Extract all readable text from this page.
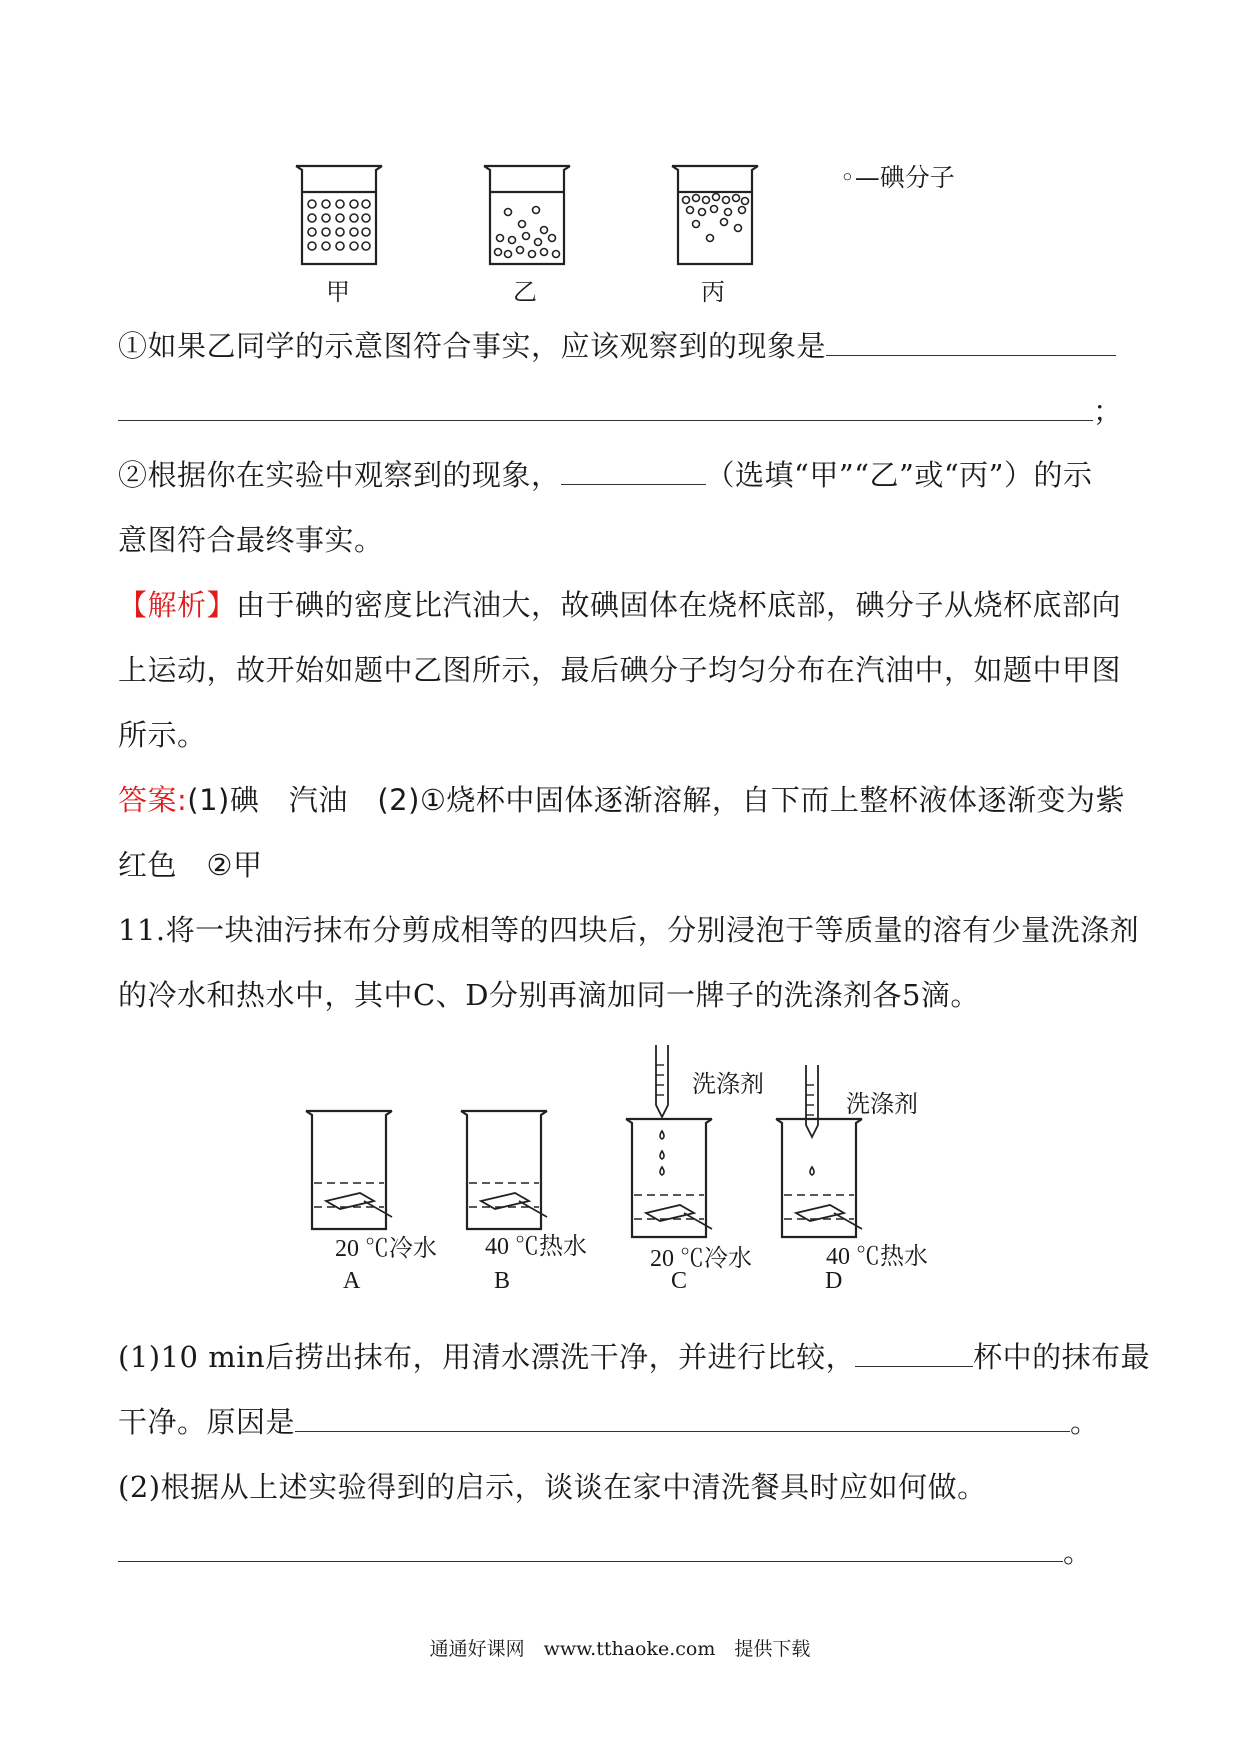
◦—碘分子
甲	乙	丙
①如果乙同学的示意图符合事实，应该观察到的现象是
；
②根据你在实验中观察到的现象，	（选填“甲”“乙”或“丙”）的示
意图符合最终事实。
【解析】由于碘的密度比汽油大，故碘固体在烧杯底部，碘分子从烧杯底部向
上运动，故开始如题中乙图所示，最后碘分子均匀分布在汽油中，如题中甲图
所示。
答案:(1)碘　汽油　(2)①烧杯中固体逐渐溶解，自下而上整杯液体逐渐变为紫
红色　②甲
11.将一块油污抹布分剪成相等的四块后，分别浸泡于等质量的溶有少量洗涤剂
的冷水和热水中，其中C、D分别再滴加同一牌子的洗涤剂各5滴。
洗涤剂
洗涤剂
20 ℃冷水 40 ℃热水	20 ℃冷水	40 ℃热水
A	B	C	D
(1)10 min后捞出抹布，用清水漂洗干净，并进行比较，	杯中的抹布最
干净。原因是	。
(2)根据从上述实验得到的启示，谈谈在家中清洗餐具时应如何做。
。
通通好课网　www.tthaoke.com　提供下载
